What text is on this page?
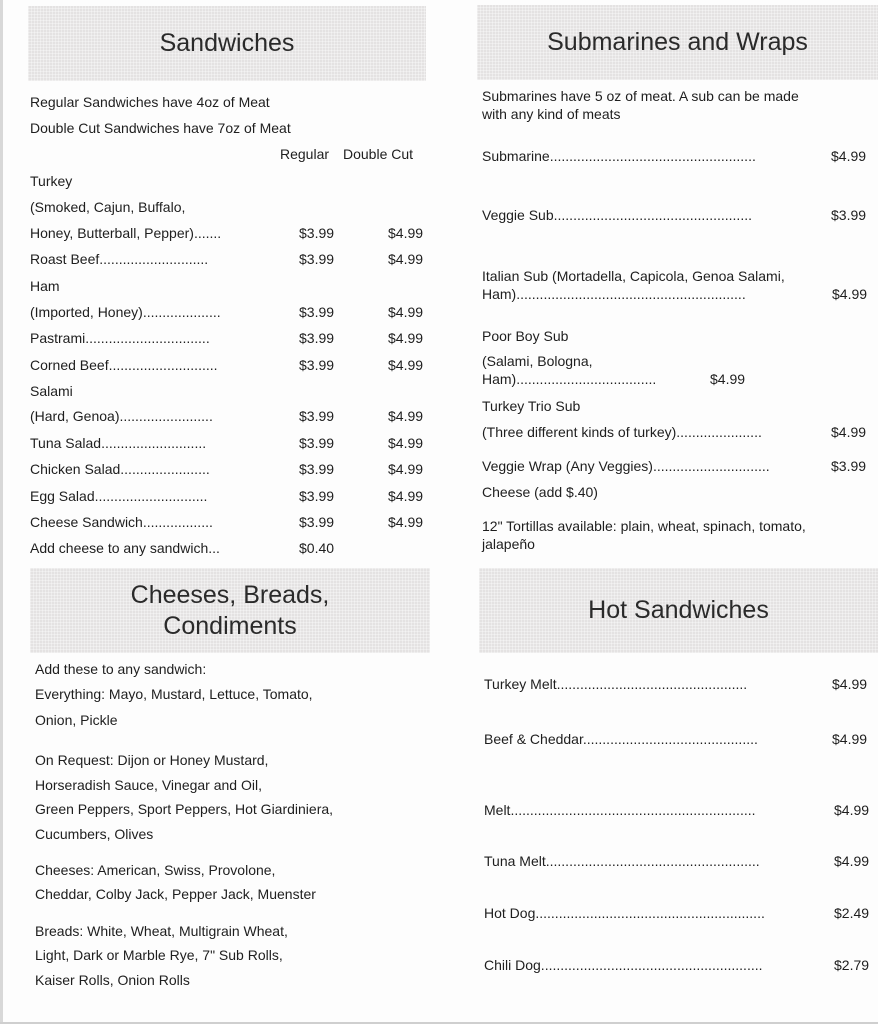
Sandwiches
Regular Sandwiches have 4oz of Meat
Double Cut Sandwiches have 7oz of Meat
Regular Double Cut
Turkey
(Smoked, Cajun, Buffalo,
Honey, Butterball, Pepper).......	$3.99	$4.99
Roast Beef............................	$3.99	$4.99
Ham
(Imported, Honey)....................	$3.99	$4.99
Pastrami................................	$3.99	$4.99
Corned Beef............................	$3.99	$4.99
Salami
(Hard, Genoa)........................	$3.99	$4.99
Tuna Salad...........................	$3.99	$4.99
Chicken Salad.......................	$3.99	$4.99
Egg Salad.............................	$3.99	$4.99
Cheese Sandwich..................	$3.99	$4.99
Add cheese to any sandwich...	$0.40
Cheeses, Breads,
Condiments
Add these to any sandwich:
Everything: Mayo, Mustard, Lettuce, Tomato,
Onion, Pickle
On Request: Dijon or Honey Mustard,
Horseradish Sauce, Vinegar and Oil,
Green Peppers, Sport Peppers, Hot Giardiniera,
Cucumbers, Olives
Cheeses: American, Swiss, Provolone,
Cheddar, Colby Jack, Pepper Jack, Muenster
Breads: White, Wheat, Multigrain Wheat,
Light, Dark or Marble Rye, 7" Sub Rolls,
Kaiser Rolls, Onion Rolls
Submarines and Wraps
Submarines have 5 oz of meat. A sub can be made
with any kind of meats
Submarine.....................................................	$4.99
Veggie Sub...................................................	$3.99
Italian Sub (Mortadella, Capicola, Genoa Salami,
Ham)...........................................................	$4.99
Poor Boy Sub
(Salami, Bologna,
Ham)....................................	$4.99
Turkey Trio Sub
(Three different kinds of turkey)......................	$4.99
Veggie Wrap (Any Veggies)..............................	$3.99
Cheese (add $.40)
12" Tortillas available: plain, wheat, spinach, tomato,
jalapeño
Hot Sandwiches
Turkey Melt.................................................	$4.99
Beef & Cheddar.............................................	$4.99
Melt...............................................................	$4.99
Tuna Melt.......................................................	$4.99
Hot Dog...........................................................	$2.49
Chili Dog.........................................................	$2.79
